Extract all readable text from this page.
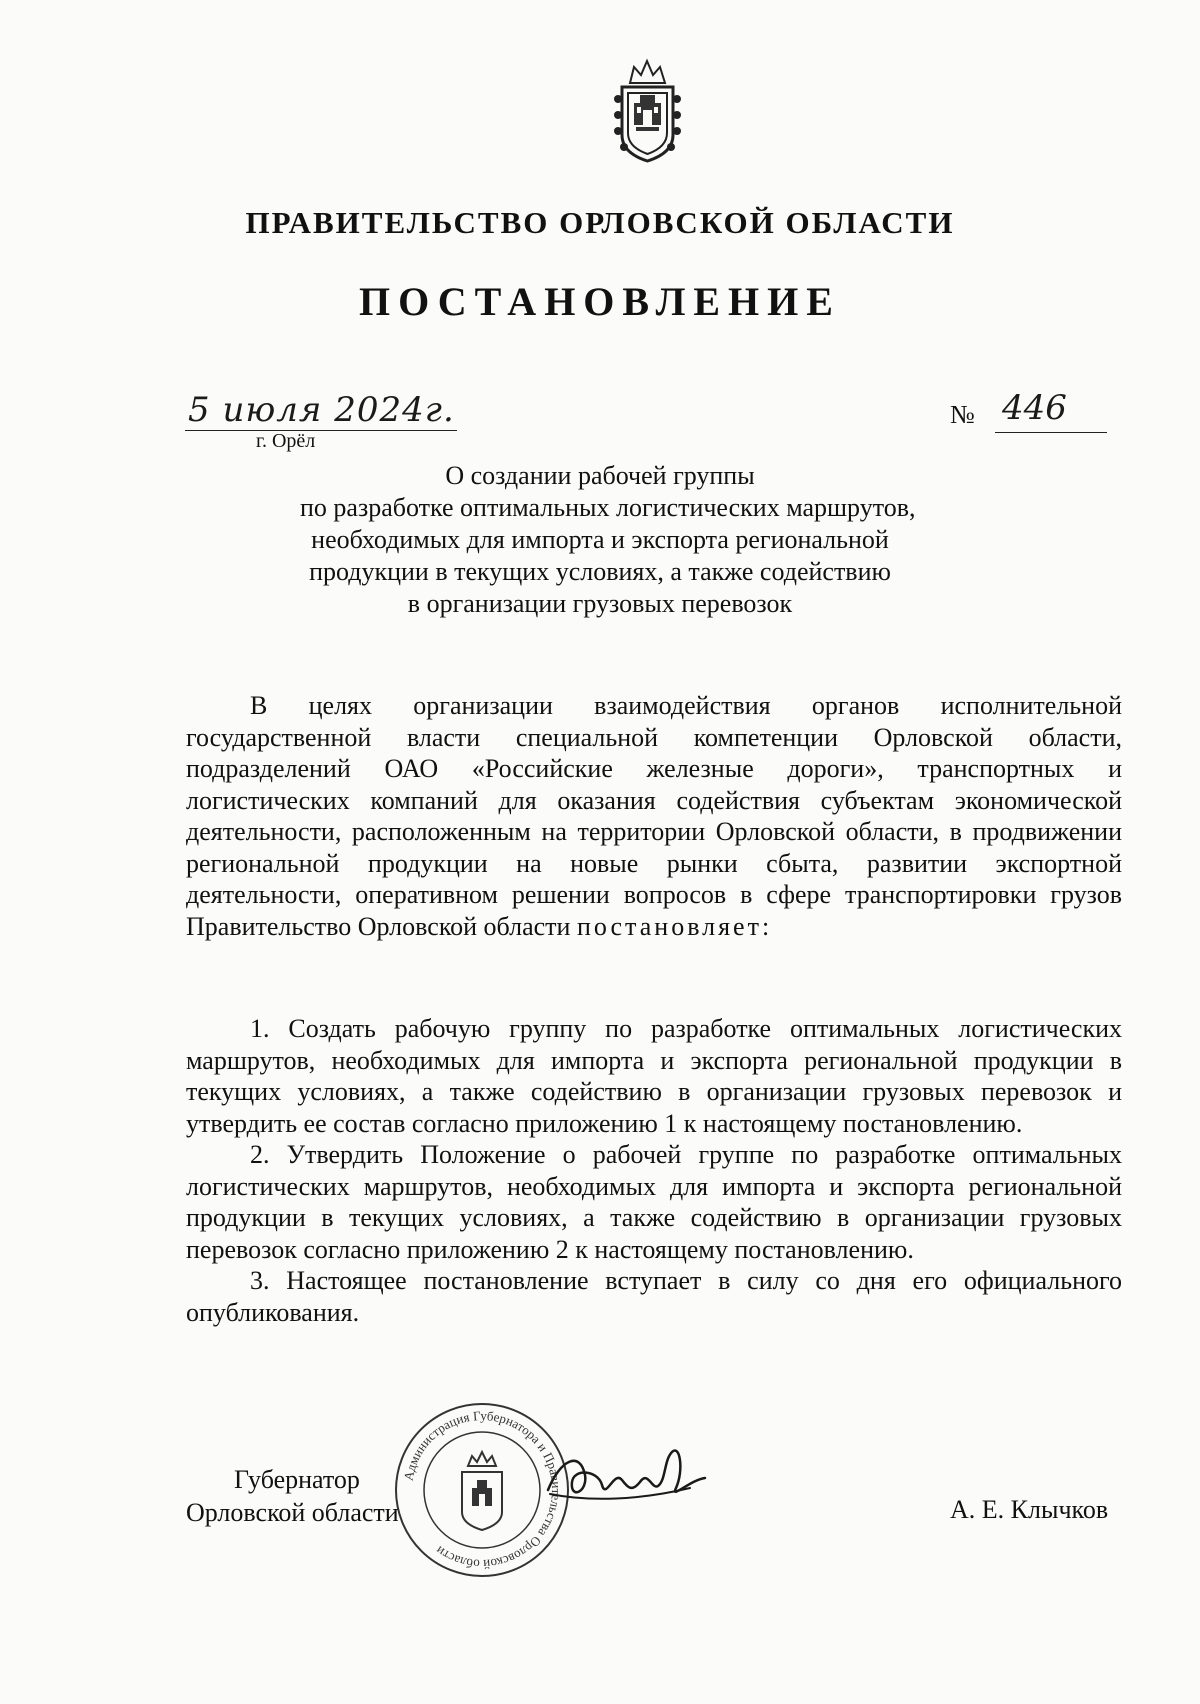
ПРАВИТЕЛЬСТВО ОРЛОВСКОЙ ОБЛАСТИ
ПОСТАНОВЛЕНИЕ
5 июля 2024г.
г. Орёл
№ 446
О создании рабочей группы
по разработке оптимальных логистических маршрутов,
необходимых для импорта и экспорта региональной
продукции в текущих условиях, а также содействию
в организации грузовых перевозок

В целях организации взаимодействия органов исполнительной государственной власти специальной компетенции Орловской области, подразделений ОАО «Российские железные дороги», транспортных и логистических компаний для оказания содействия субъектам экономической деятельности, расположенным на территории Орловской области, в продвижении региональной продукции на новые рынки сбыта, развитии экспортной деятельности, оперативном решении вопросов в сфере транспортировки грузов Правительство Орловской области постановляет:

1. Создать рабочую группу по разработке оптимальных логистических маршрутов, необходимых для импорта и экспорта региональной продукции в текущих условиях, а также содействию в организации грузовых перевозок и утвердить ее состав согласно приложению 1 к настоящему постановлению.

2. Утвердить Положение о рабочей группе по разработке оптимальных логистических маршрутов, необходимых для импорта и экспорта региональной продукции в текущих условиях, а также содействию в организации грузовых перевозок согласно приложению 2 к настоящему постановлению.

3. Настоящее постановление вступает в силу со дня его официального опубликования.

Администрация Губернатора и Правительства Орловской области
Губернатор
Орловской области	А. Е. Клычков
